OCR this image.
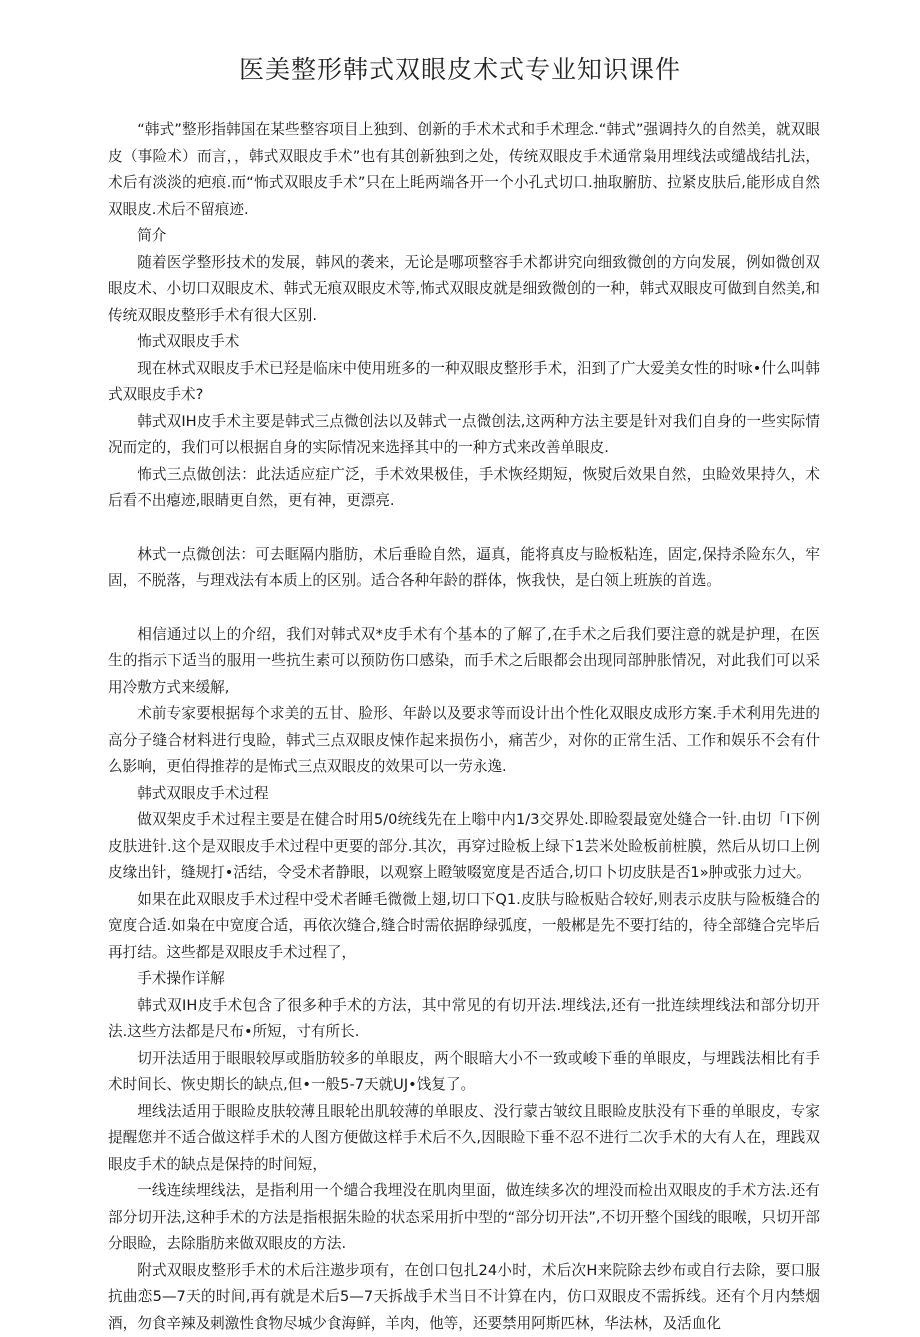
医美整形韩式双眼皮术式专业知识课件

“韩式”整形指韩国在某些整容项目上独到、创新的手术术式和手术理念.“韩式”强调持久的自然美，就双眼皮（事险术）而言，，韩式双眼皮手术”也有其创新独到之处，传统双眼皮手术通常枭用埋线法或缱战结扎法，术后有淡淡的疤痕.而“怖式双眼皮手术”只在上眊两端各开一个小孔式切口.抽取腑肪、拉紧皮肤后,能形成自然双眼皮.术后不留痕迹.

简介

随着医学整形技术的发展，韩风的袭来，无论是哪项整容手术都讲究向细致微创的方向发展，例如微创双眼皮术、小切口双眼皮术、韩式无痕双眼皮术等,怖式双眼皮就是细致微创的一种，韩式双眼皮可做到自然美,和传统双眼皮整形手术有很大区别.

怖式双眼皮手术

现在林式双眼皮手术已羟是临床中使用班多的一种双眼皮整形手术，汨到了广大爱美女性的时咏•什么叫韩式双眼皮手术?

韩式双IH皮手术主要是韩式三点微创法以及韩式一点微创法,这两种方法主要是针对我们自身的一些实际情况而定的，我们可以根据自身的实际情况来选择其中的一种方式来改善单眼皮.

怖式三点做创法：此法适应症广泛，手术效果极佳，手术恢经期短，恢熨后效果自然，虫睑效果持久，术后看不出瘪迹,眼睛更自然，更有神，更漂亮.

林式一点微创法：可去眶隔内脂肪，术后垂睑自然，逼真，能将真皮与睑板粘连，固定,保持杀险东久，牢固，不脱落，与理戏法有本质上的区别。适合各种年龄的群体，恢我快，是白领上班族的首选。

相信通过以上的介绍，我们对韩式双*皮手术有个基本的了解了,在手术之后我们要注意的就是护理，在医生的指示下适当的服用一些抗生素可以预防伤口感染，而手术之后眼都会出现同部肿胀情况，对此我们可以采用冷敷方式来缓解,

术前专家要根据每个求美的五甘、脸形、年龄以及要求等而设计出个性化双眼皮成形方案.手术利用先进的高分子缝合材料进行曳睑，韩式三点双眼皮悚作起来损伤小，痛苦少，对你的正常生活、工作和娱乐不会有什么影响，更伯得推荐的是怖式三点双眼皮的效果可以一劳永逸.

韩式双眼皮手术过程

做双架皮手术过程主要是在健合时用5/0统线先在上嗡中内1/3交界处.即睑裂最宽处缝合一针.由切「I下例皮肤进针.这个是双眼皮手术过程中更要的部分.其次，再穿过睑板上绿下1芸米处睑板前桩膜，然后从切口上例皮缘出针，缝规打•活结，令受术者静眼，以观察上瞪皱啜宽度是否适合,切口卜切皮肤是否1»肿或张力过大。

如果在此双眼皮手术过程中受术者睡毛微微上翅,切口下Q1.皮肤与睑板贴合较好,则表示皮肤与险板缝合的宽度合适.如枭在中宽度合适，再依次缝合,缝合时需依据睁绿弧度，一般郴是先不要打结的，待全部缝合完毕后再打结。这些都是双眼皮手术过程了，

手术操作详解

韩式双IH皮手术包含了很多种手术的方法，其中常见的有切开法.埋线法,还有一批连续埋线法和部分切开法.这些方法都是尺布•所短，寸有所长.

切开法适用于眼眼较厚或脂肪较多的单眼皮，两个眼暗大小不一致或峻下垂的单眼皮，与埋践法相比有手术时间长、恢史期长的缺点,但•一般5-7天就UJ•饯复了。

埋线法适用于眼睑皮肤较薄且眼轮出肌较薄的单眼皮、没行蒙古皱纹且眼睑皮肤没有下垂的单眼皮，专家提醒您并不适合做这样手术的人图方便做这样手术后不久,因眼睑下垂不忍不进行二次手术的大有人在，理践双眼皮手术的缺点是保持的时间短，

一线连续埋线法，是指利用一个缱合我埋没在肌肉里面，做连续多次的埋没而检出双眼皮的手术方法.还有部分切开法,这种手术的方法是指根据朱睑的状态采用折中型的“部分切开法”,不切开整个国线的眼喉，只切开部分眼睑，去除脂肪来做双眼皮的方法.

附式双眼皮整形手术的术后注遨步项有，在创口包扎24小时，术后次H来院除去纱布或自行去除，要口服抗曲恋5—7天的时间,再有就是术后5—7天拆战手术当日不计算在内，仿口双眼皮不需拆线。还有个月内禁烟酒，勿食辛辣及刺激性食物尽城少食海鲜，羊肉，他等，还要禁用阿斯匹林，华法林，及活血化
